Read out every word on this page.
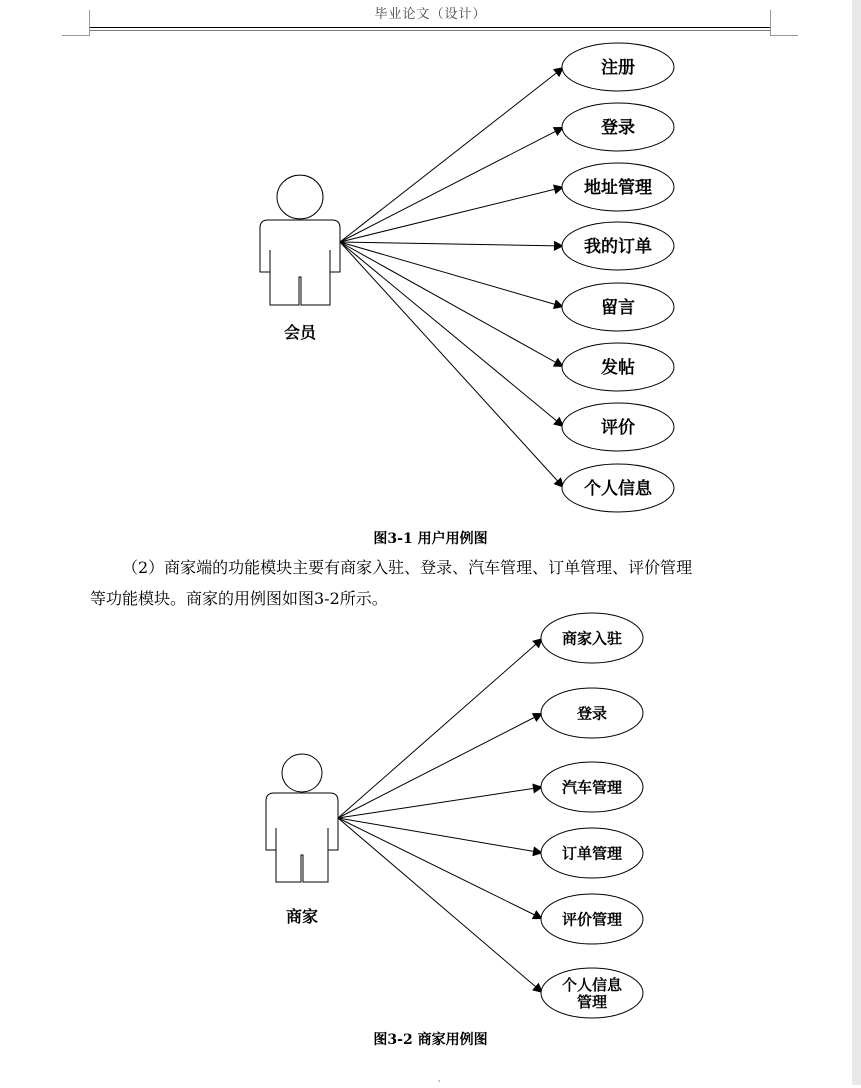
毕业论文（设计）
会员
注册
登录
地址管理
我的订单
留言
发帖
评价
个人信息
图3-1 用户用例图

（2）商家端的功能模块主要有商家入驻、登录、汽车管理、订单管理、评价管理

等功能模块。商家的用例图如图3-2所示。

商家
商家入驻
登录
汽车管理
订单管理
评价管理
个人信息管理
图3-2 商家用例图
'
